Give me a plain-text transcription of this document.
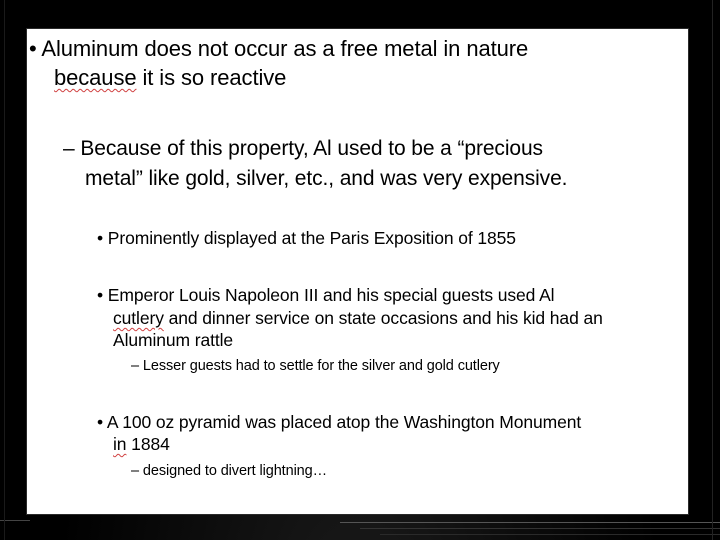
• Aluminum does not occur as a free metal in nature
because it is so reactive
– Because of this property, Al used to be a “precious
metal” like gold, silver, etc., and was very expensive.
• Prominently displayed at the Paris Exposition of 1855
• Emperor Louis Napoleon III and his special guests used Al
cutlery and dinner service on state occasions and his kid had an
Aluminum rattle
– Lesser guests had to settle for the silver and gold cutlery
• A 100 oz pyramid was placed atop the Washington Monument
in 1884
– designed to divert lightning…
